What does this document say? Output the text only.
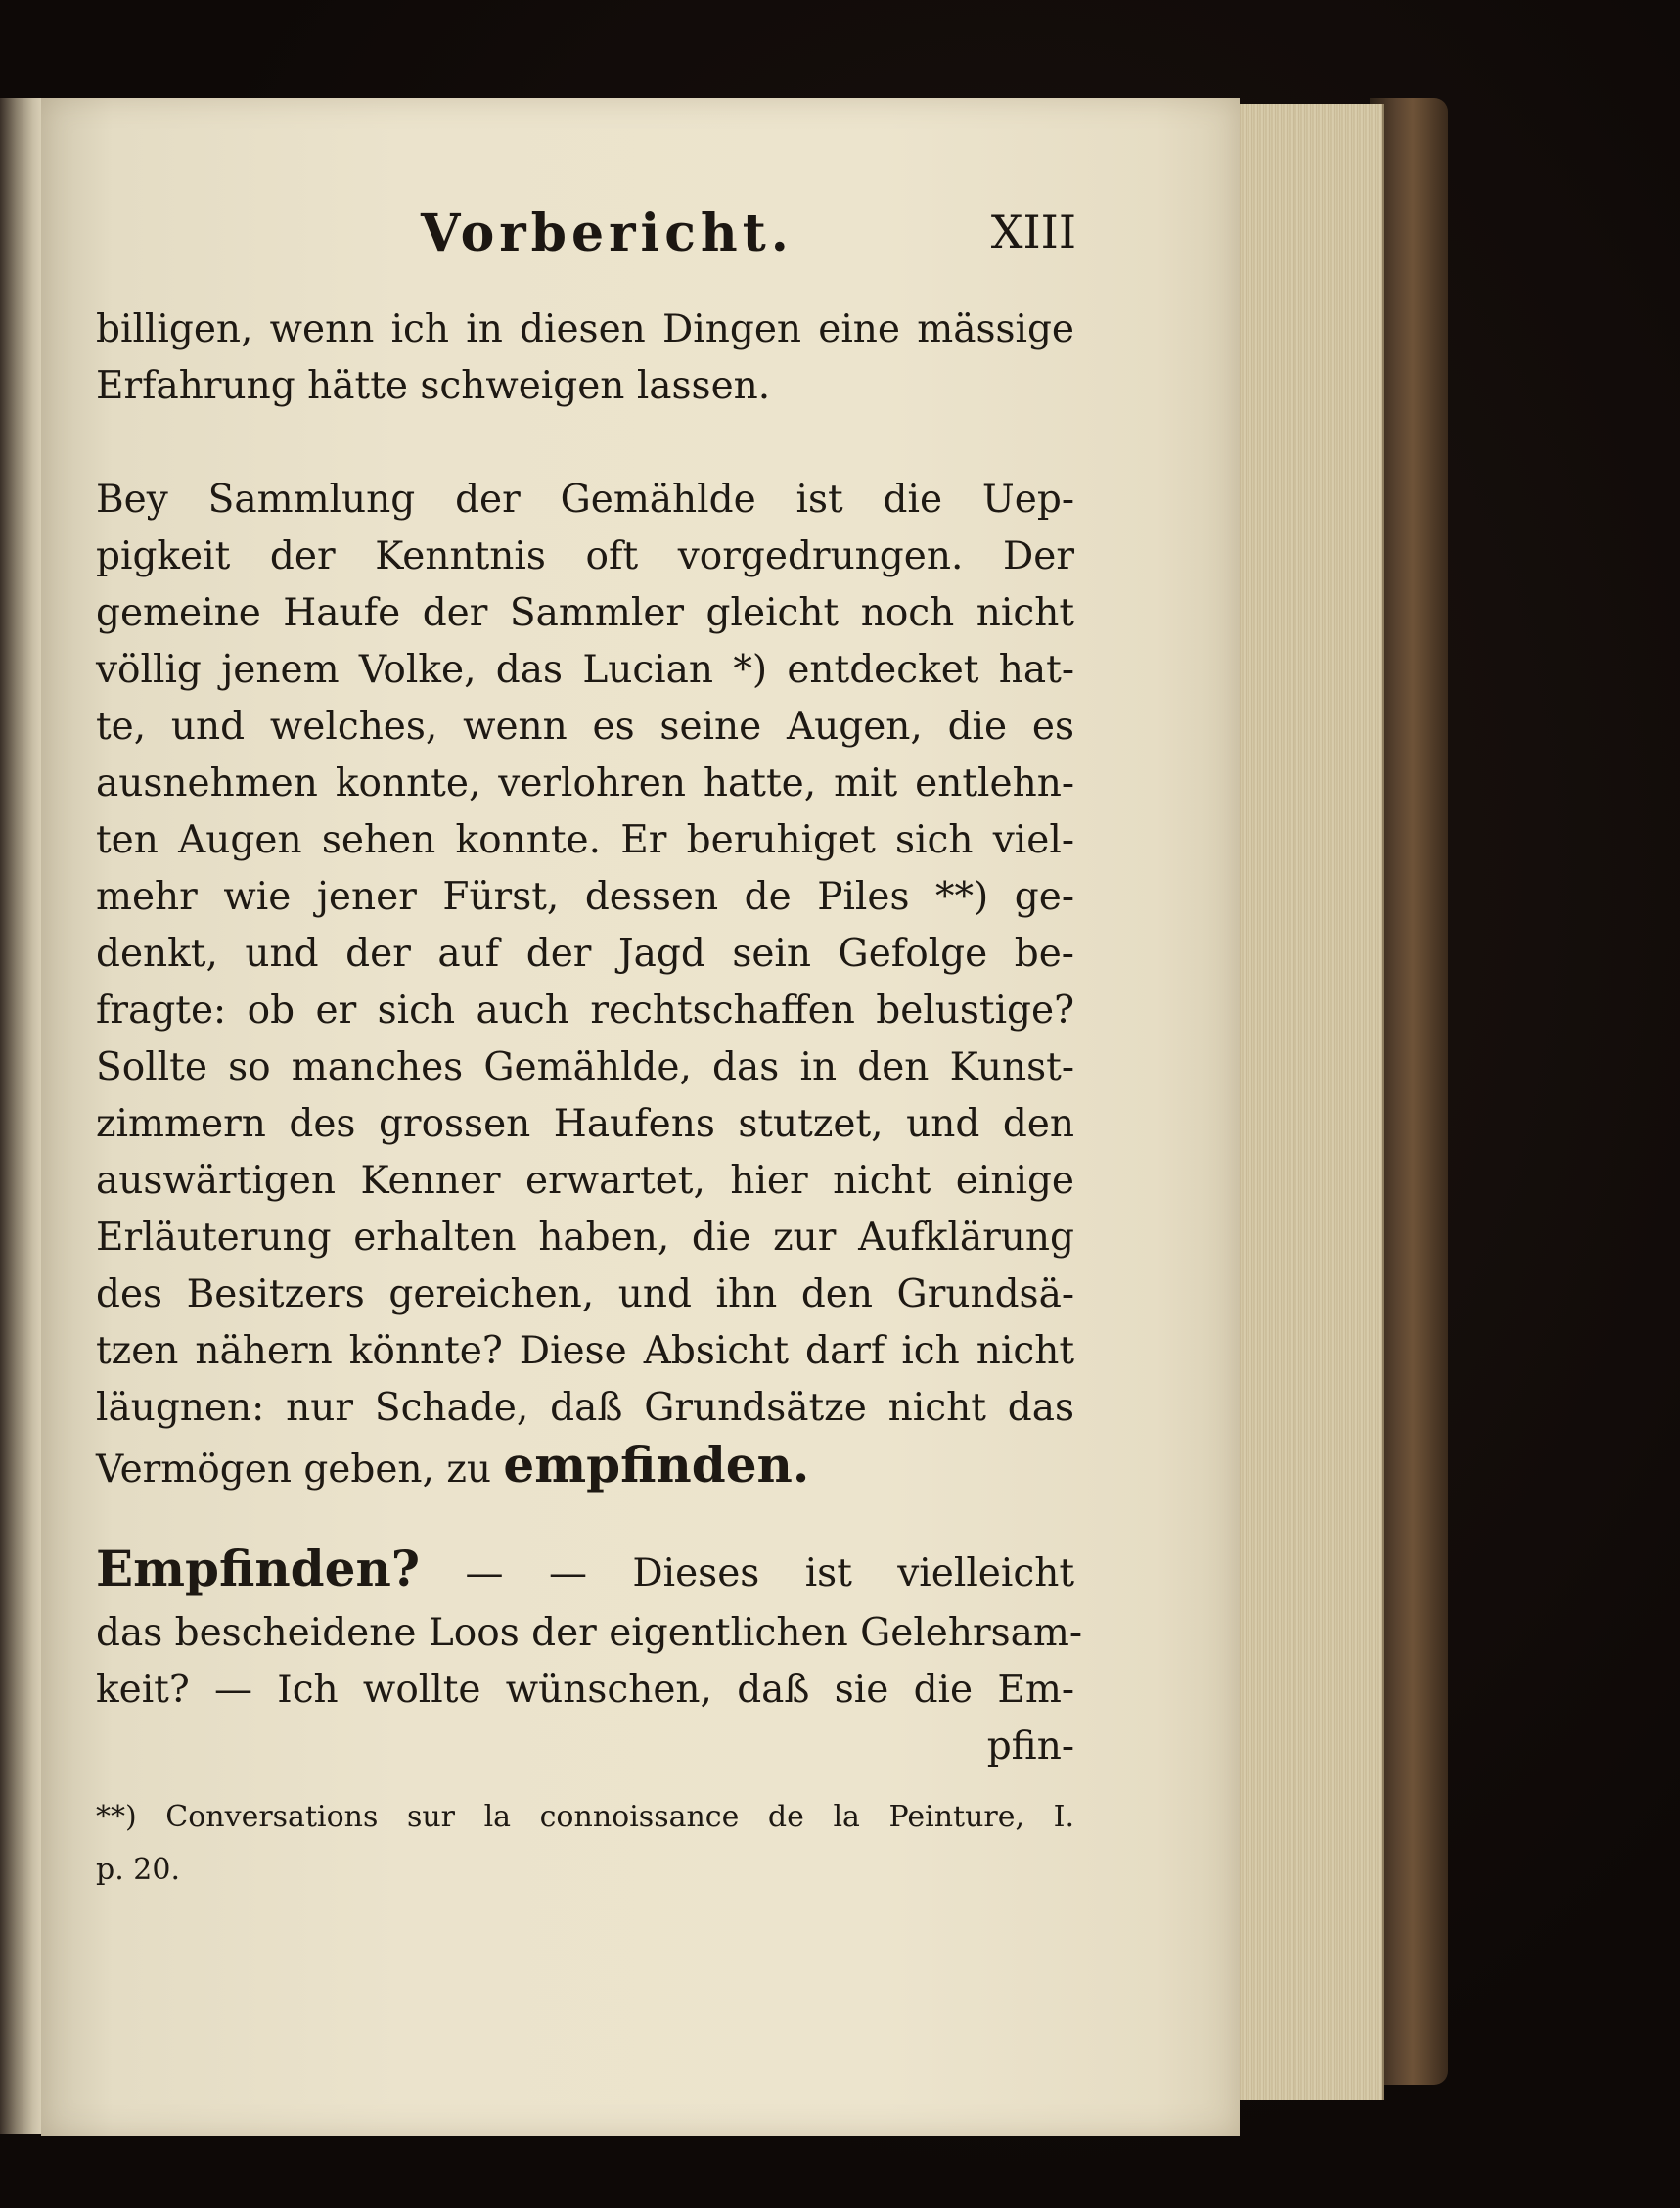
Vorbericht.	XIII
billigen, wenn ich in diesen Dingen eine mässige
Erfahrung hätte schweigen lassen.
Bey Sammlung der Gemählde ist die Uep-
pigkeit der Kenntnis oft vorgedrungen. Der
gemeine Haufe der Sammler gleicht noch nicht
völlig jenem Volke, das Lucian *) entdecket hat-
te, und welches, wenn es seine Augen, die es
ausnehmen konnte, verlohren hatte, mit entlehn-
ten Augen sehen konnte. Er beruhiget sich viel-
mehr wie jener Fürst, dessen de Piles **) ge-
denkt, und der auf der Jagd sein Gefolge be-
fragte: ob er sich auch rechtschaffen belustige?
Sollte so manches Gemählde, das in den Kunst-
zimmern des grossen Haufens stutzet, und den
auswärtigen Kenner erwartet, hier nicht einige
Erläuterung erhalten haben, die zur Aufklärung
des Besitzers gereichen, und ihn den Grundsä-
tzen nähern könnte? Diese Absicht darf ich nicht
läugnen: nur Schade, daß Grundsätze nicht das
Vermögen geben, zu empfinden.
Empfinden? — — Dieses ist vielleicht
das bescheidene Loos der eigentlichen Gelehrsam-
keit? — Ich wollte wünschen, daß sie die Em-
pfin-
**) Conversations sur la connoissance de la Peinture, I.
p. 20.
